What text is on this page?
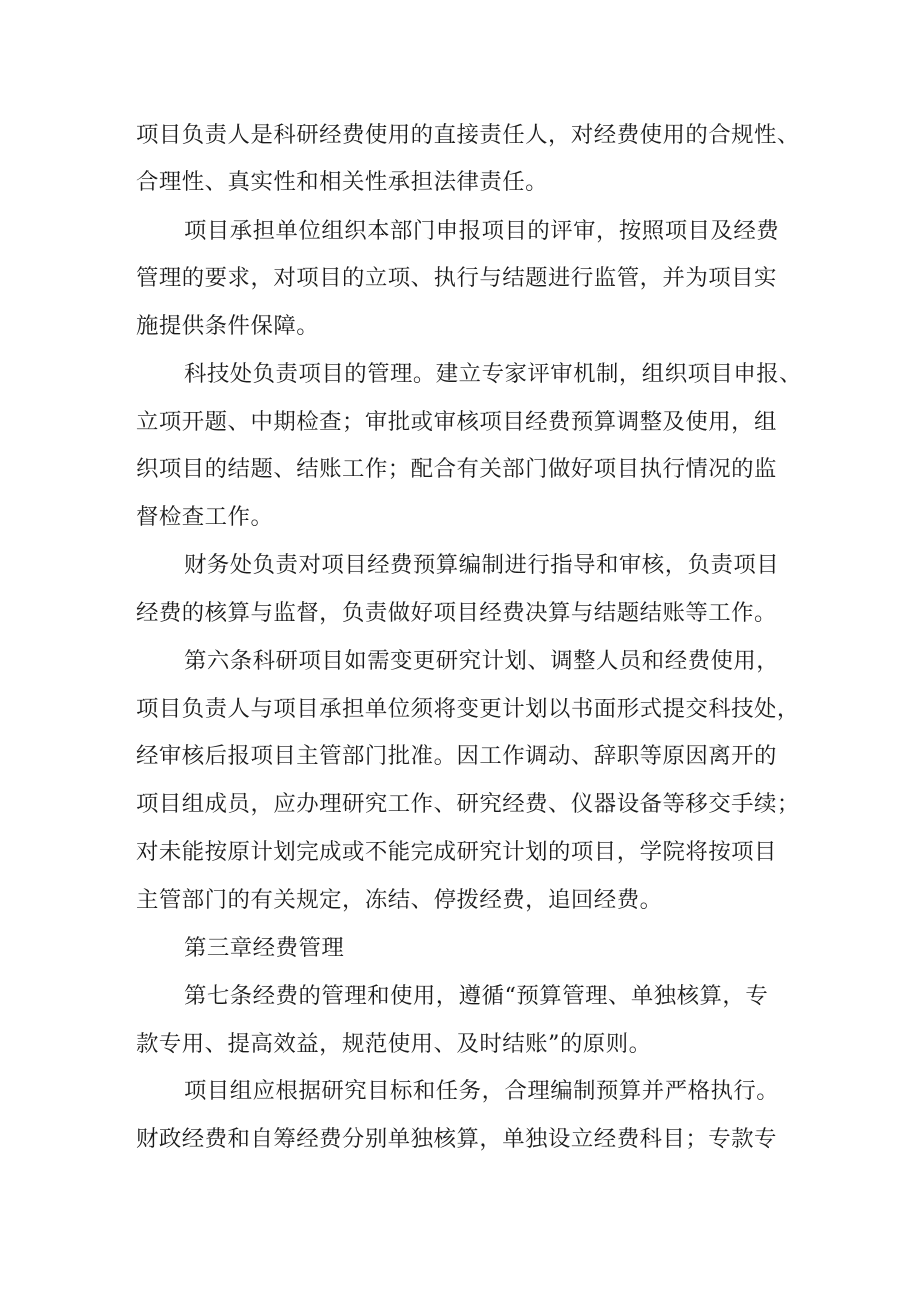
项目负责人是科研经费使用的直接责任人，对经费使用的合规性、
合理性、真实性和相关性承担法律责任。
项目承担单位组织本部门申报项目的评审，按照项目及经费
管理的要求，对项目的立项、执行与结题进行监管，并为项目实
施提供条件保障。
科技处负责项目的管理。建立专家评审机制，组织项目申报、
立项开题、中期检查；审批或审核项目经费预算调整及使用，组
织项目的结题、结账工作；配合有关部门做好项目执行情况的监
督检查工作。
财务处负责对项目经费预算编制进行指导和审核，负责项目
经费的核算与监督，负责做好项目经费决算与结题结账等工作。
第六条科研项目如需变更研究计划、调整人员和经费使用，
项目负责人与项目承担单位须将变更计划以书面形式提交科技处，
经审核后报项目主管部门批准。因工作调动、辞职等原因离开的
项目组成员，应办理研究工作、研究经费、仪器设备等移交手续；
对未能按原计划完成或不能完成研究计划的项目，学院将按项目
主管部门的有关规定，冻结、停拨经费，追回经费。
第三章经费管理
第七条经费的管理和使用，遵循“预算管理、单独核算，专
款专用、提高效益，规范使用、及时结账”的原则。
项目组应根据研究目标和任务，合理编制预算并严格执行。
财政经费和自筹经费分别单独核算，单独设立经费科目；专款专
